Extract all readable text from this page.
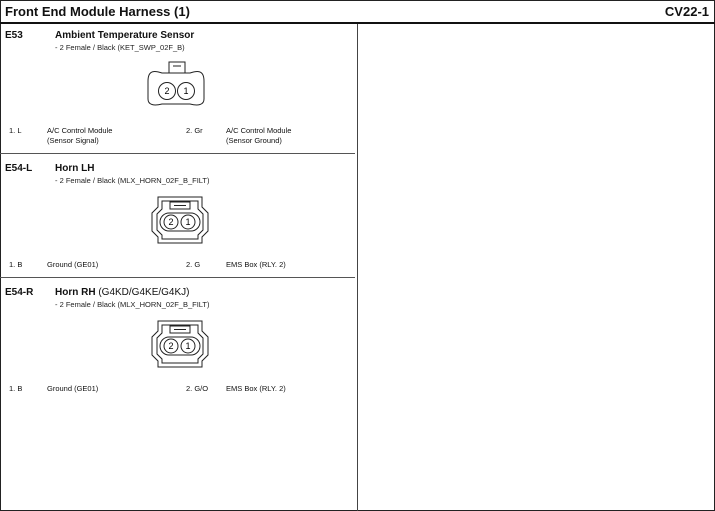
Front End Module Harness (1)	CV22-1
E53	Ambient Temperature Sensor
- 2 Female / Black (KET_SWP_02F_B)
2 1
1. L	A/C Control Module
(Sensor Signal)
2. Gr	A/C Control Module
(Sensor Ground)
E54-L Horn LH
- 2 Female / Black (MLX_HORN_02F_B_FILT)
2 1
1. B	Ground (GE01)	2. G	EMS Box (RLY. 2)
E54-R Horn RH (G4KD/G4KE/G4KJ)
- 2 Female / Black (MLX_HORN_02F_B_FILT)
2 1
1. B	Ground (GE01)	2. G/O EMS Box (RLY. 2)
